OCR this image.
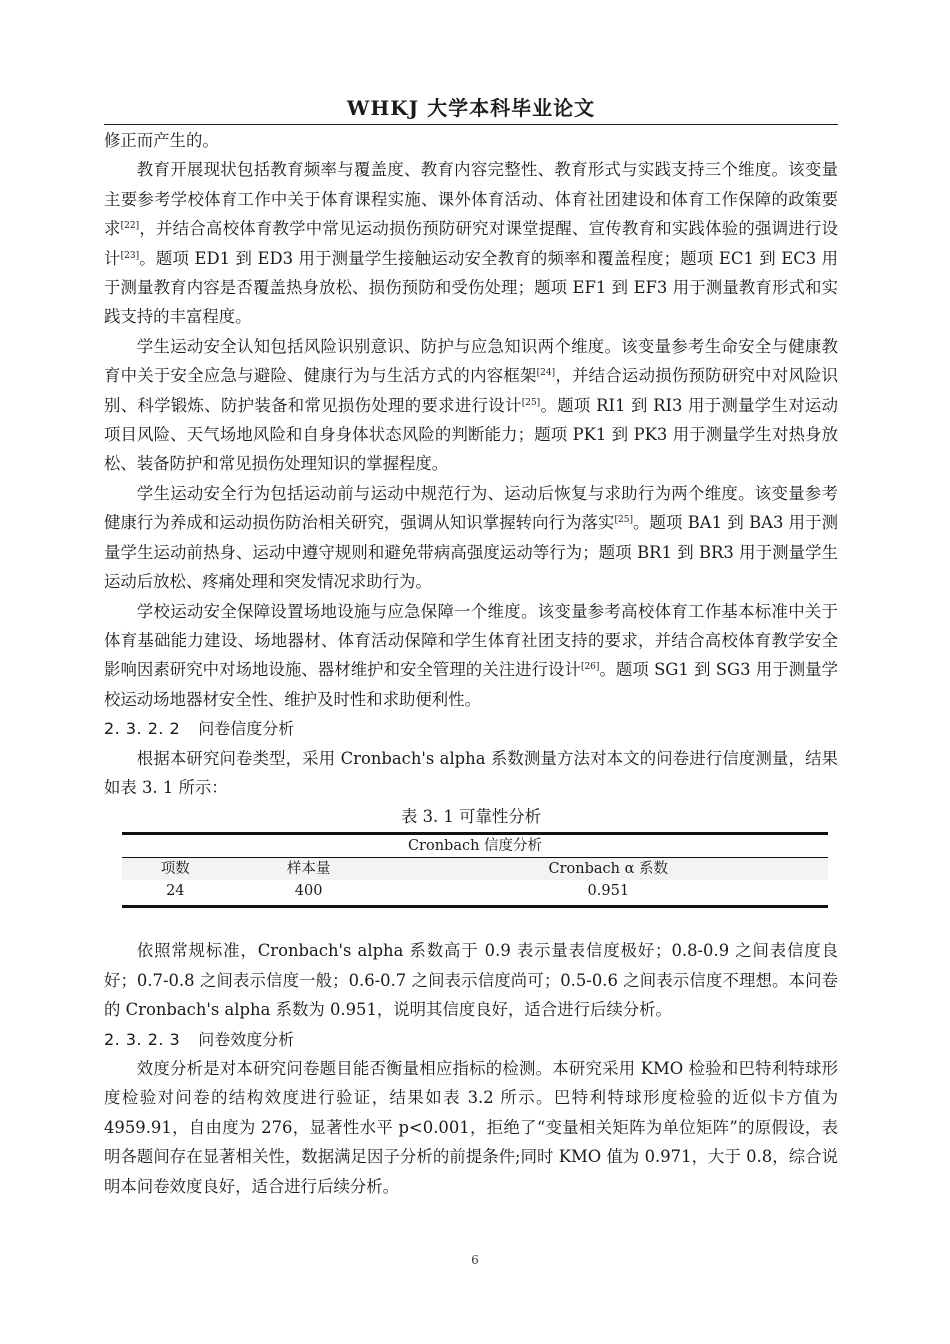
WHKJ 大学本科毕业论文

修正而产生的。

教育开展现状包括教育频率与覆盖度、教育内容完整性、教育形式与实践支持三个维度。该变量主要参考学校体育工作中关于体育课程实施、课外体育活动、体育社团建设和体育工作保障的政策要求[22]，并结合高校体育教学中常见运动损伤预防研究对课堂提醒、宣传教育和实践体验的强调进行设计[23]。题项 ED1 到 ED3 用于测量学生接触运动安全教育的频率和覆盖程度；题项 EC1 到 EC3 用于测量教育内容是否覆盖热身放松、损伤预防和受伤处理；题项 EF1 到 EF3 用于测量教育形式和实践支持的丰富程度。

学生运动安全认知包括风险识别意识、防护与应急知识两个维度。该变量参考生命安全与健康教育中关于安全应急与避险、健康行为与生活方式的内容框架[24]，并结合运动损伤预防研究中对风险识别、科学锻炼、防护装备和常见损伤处理的要求进行设计[25]。题项 RI1 到 RI3 用于测量学生对运动项目风险、天气场地风险和自身身体状态风险的判断能力；题项 PK1 到 PK3 用于测量学生对热身放松、装备防护和常见损伤处理知识的掌握程度。

学生运动安全行为包括运动前与运动中规范行为、运动后恢复与求助行为两个维度。该变量参考健康行为养成和运动损伤防治相关研究，强调从知识掌握转向行为落实[25]。题项 BA1 到 BA3 用于测量学生运动前热身、运动中遵守规则和避免带病高强度运动等行为；题项 BR1 到 BR3 用于测量学生运动后放松、疼痛处理和突发情况求助行为。

学校运动安全保障设置场地设施与应急保障一个维度。该变量参考高校体育工作基本标准中关于体育基础能力建设、场地器材、体育活动保障和学生体育社团支持的要求，并结合高校体育教学安全影响因素研究中对场地设施、器材维护和安全管理的关注进行设计[26]。题项 SG1 到 SG3 用于测量学校运动场地器材安全性、维护及时性和求助便利性。

2. 3. 2. 2 问卷信度分析

根据本研究问卷类型，采用 Cronbach's alpha 系数测量方法对本文的问卷进行信度测量，结果如表 3. 1 所示：

表 3. 1 可靠性分析

Cronbach 信度分析		
项数	样本量	Cronbach α 系数
24	400	0.951

依照常规标准，Cronbach's alpha 系数高于 0.9 表示量表信度极好；0.8-0.9 之间表信度良好；0.7-0.8 之间表示信度一般；0.6-0.7 之间表示信度尚可；0.5-0.6 之间表示信度不理想。本问卷的 Cronbach's alpha 系数为 0.951，说明其信度良好，适合进行后续分析。

2. 3. 2. 3 问卷效度分析

效度分析是对本研究问卷题目能否衡量相应指标的检测。本研究采用 KMO 检验和巴特利特球形度检验对问卷的结构效度进行验证，结果如表 3.2 所示。巴特利特球形度检验的近似卡方值为 4959.91，自由度为 276，显著性水平 p<0.001，拒绝了“变量相关矩阵为单位矩阵”的原假设，表明各题间存在显著相关性，数据满足因子分析的前提条件;同时 KMO 值为 0.971，大于 0.8，综合说明本问卷效度良好，适合进行后续分析。

6
